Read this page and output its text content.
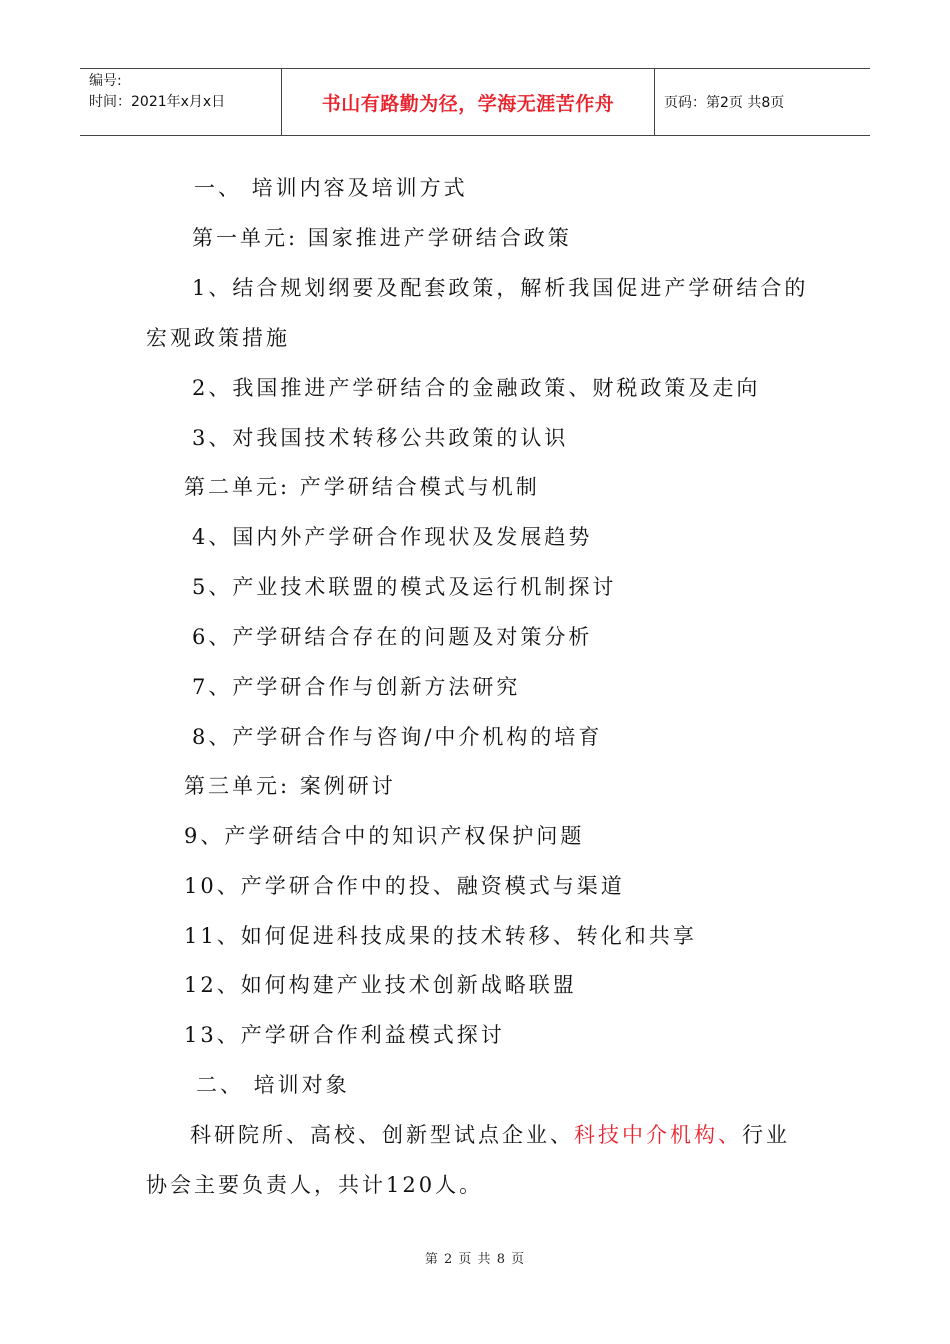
编号:
时间：2021年x月x日	书山有路勤为径，学海无涯苦作舟	页码：第2页 共8页
一、 培训内容及培训方式
第一单元: 国家推进产学研结合政策
1、结合规划纲要及配套政策，解析我国促进产学研结合的
宏观政策措施
2、我国推进产学研结合的金融政策、财税政策及走向
3、对我国技术转移公共政策的认识
第二单元: 产学研结合模式与机制
4、国内外产学研合作现状及发展趋势
5、产业技术联盟的模式及运行机制探讨
6、产学研结合存在的问题及对策分析
7、产学研合作与创新方法研究
8、产学研合作与咨询/中介机构的培育
第三单元: 案例研讨
9、产学研结合中的知识产权保护问题
10、产学研合作中的投、融资模式与渠道
11、如何促进科技成果的技术转移、转化和共享
12、如何构建产业技术创新战略联盟
13、产学研合作利益模式探讨
二、 培训对象
科研院所、高校、创新型试点企业、科技中介机构、行业
协会主要负责人，共计120人。
第 2 页 共 8 页
